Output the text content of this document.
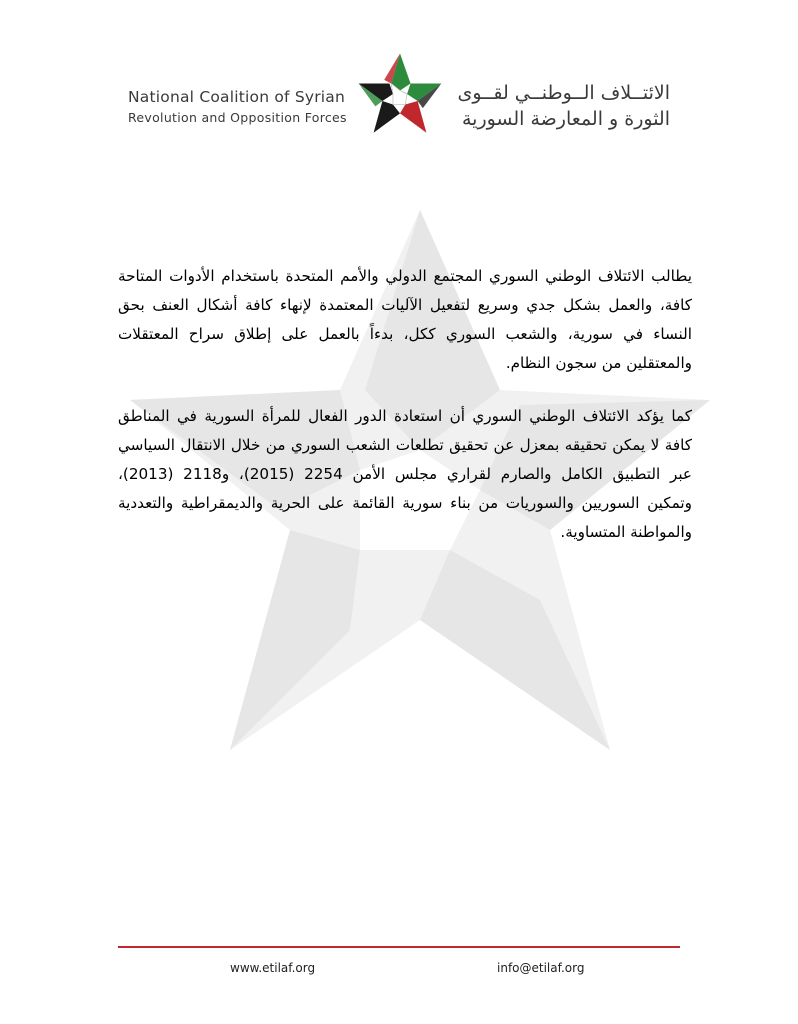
National Coalition of Syrian
Revolution and Opposition Forces
الائتــلاف الــوطنــي لقــوى
الثورة و المعارضة السورية

يطالب الائتلاف الوطني السوري المجتمع الدولي والأمم المتحدة باستخدام الأدوات المتاحة كافة، والعمل بشكل جدي وسريع لتفعيل الآليات المعتمدة لإنهاء كافة أشكال العنف بحق النساء في سورية، والشعب السوري ككل، بدءاً بالعمل على إطلاق سراح المعتقلات والمعتقلين من سجون النظام.

كما يؤكد الائتلاف الوطني السوري أن استعادة الدور الفعال للمرأة السورية في المناطق كافة لا يمكن تحقيقه بمعزل عن تحقيق تطلعات الشعب السوري من خلال الانتقال السياسي عبر التطبيق الكامل والصارم لقراري مجلس الأمن 2254 (2015)، و2118 (2013)، وتمكين السوريين والسوريات من بناء سورية القائمة على الحرية والديمقراطية والتعددية والمواطنة المتساوية.

www.etilaf.org	info@etilaf.org
